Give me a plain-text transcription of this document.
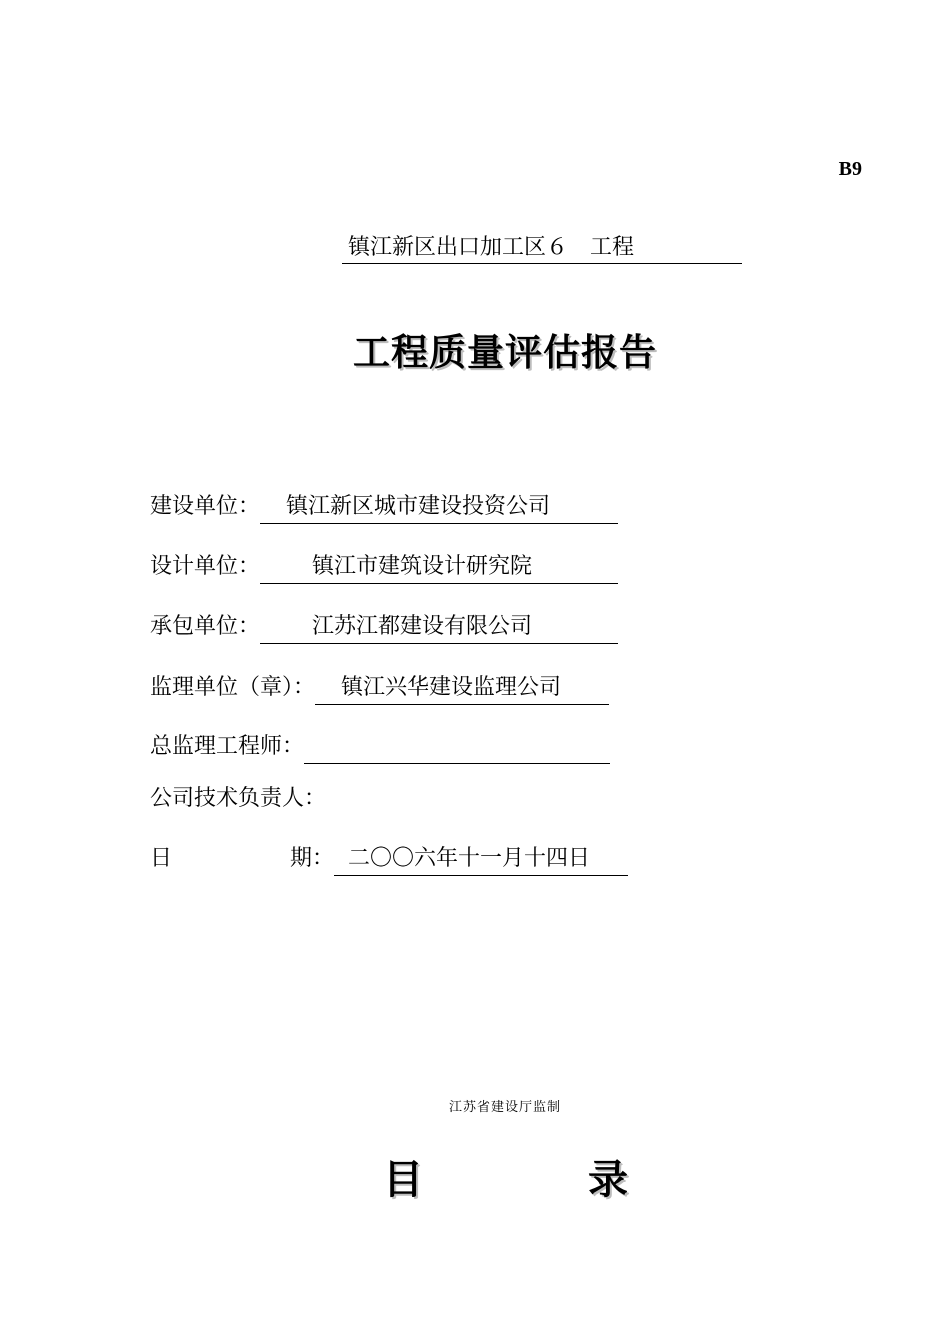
B9
镇江新区出口加工区６　工程
工程质量评估报告
建设单位： 镇江新区城市建设投资公司
设计单位： 镇江市建筑设计研究院
承包单位： 江苏江都建设有限公司
监理单位（章）： 镇江兴华建设监理公司
总监理工程师：
公司技术负责人：
日	期： 二〇〇六年十一月十四日
江苏省建设厅监制
目	录
